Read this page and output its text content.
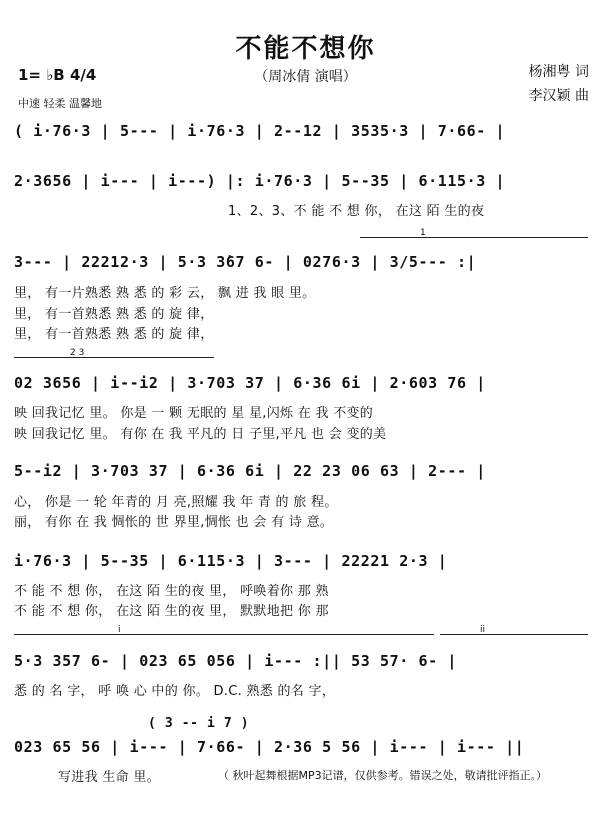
不能不想你
（周冰倩 演唱）	杨湘粤 词
李汉颖 曲
1= ♭B 4/4
中速 轻柔 温馨地
( i·76·3 | 5--- | i·76·3 | 2--12 | 3535·3 | 7·66- |
2·3656 | i--- | i---) |: i·76·3 | 5--35 | 6·115·3 |
1、2、3、不 能 不 想 你， 在这 陌 生的夜
1
3--- | 22212·3 | 5·3 3̇67 6- | 0276·3 | 3/5--- :|
里， 有一片熟悉 熟 悉 的 彩 云， 飘 进 我 眼 里。
里， 有一首熟悉 熟 悉 的 旋 律，
里， 有一首熟悉 熟 悉 的 旋 律，
2 3
02 3656 | i--i2 | 3·703 37 | 6·36 6i | 2·603 76 |
映 回我记忆 里。 你是 一 颗 无眠的 星 星,闪烁 在 我 不变的
映 回我记忆 里。 有你 在 我 平凡的 日 子里,平凡 也 会 变的美
5--i2 | 3·703 37 | 6·36 6i | 22 23 06 63 | 2--- |
心， 你是 一 轮 年青的 月 亮,照耀 我 年 青 的 旅 程。
丽， 有你 在 我 惆怅的 世 界里,惆怅 也 会 有 诗 意。
i·76·3 | 5--35 | 6·115·3 | 3--- | 22221 2·3 |
不 能 不 想 你， 在这 陌 生的夜 里， 呼唤着你 那 熟
不 能 不 想 你， 在这 陌 生的夜 里， 默默地把 你 那
i	ii
5·3 357 6- | 023 65 056 | i--- :|| 53 57· 6- |
悉 的 名 字， 呼 唤 心 中的 你。 D.C. 熟悉 的名 字，
( 3 -- i 7 )
023 65 56 | i--- | 7·66- | 2·36 5 56 | i--- | i--- ||
写进我 生命 里。	（ 秋叶起舞根据MP3记谱，仅供参考。错误之处，敬请批评指正。）
